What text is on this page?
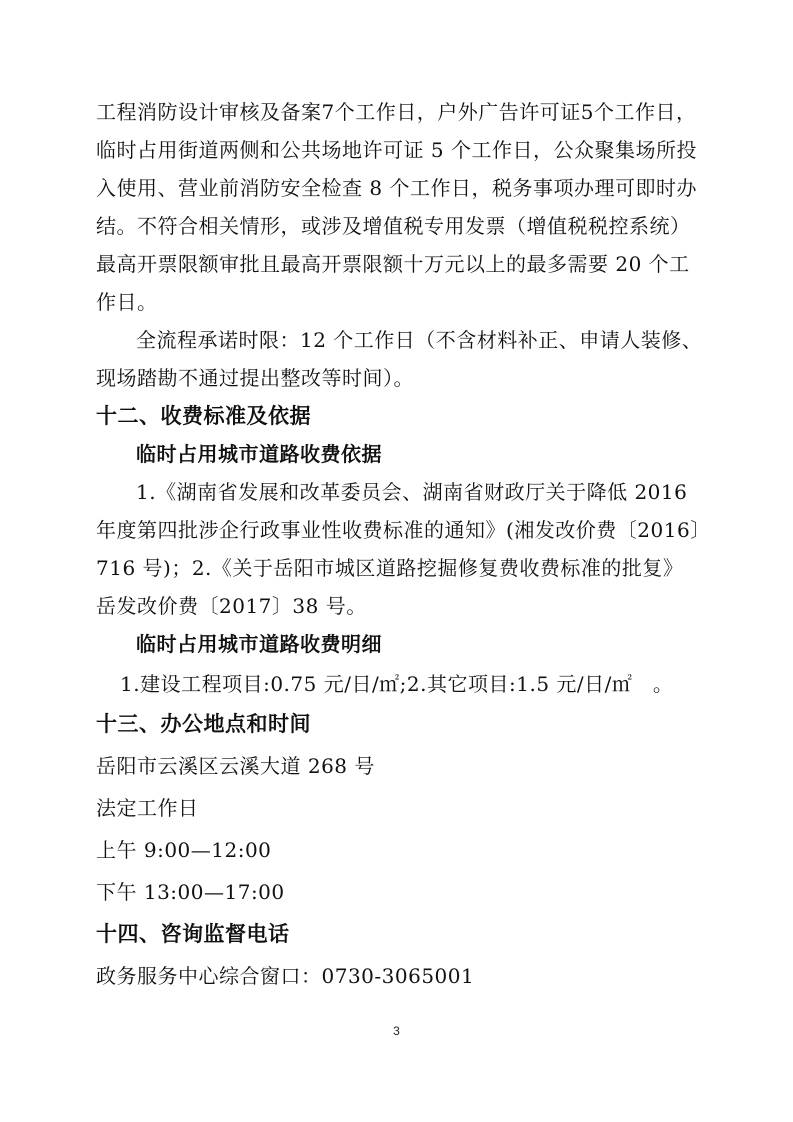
工程消防设计审核及备案7个工作日，户外广告许可证5个工作日，
临时占用街道两侧和公共场地许可证 5 个工作日，公众聚集场所投
入使用、营业前消防安全检查 8 个工作日，税务事项办理可即时办
结。不符合相关情形，或涉及增值税专用发票（增值税税控系统）
最高开票限额审批且最高开票限额十万元以上的最多需要 20 个工
作日。
全流程承诺时限：12 个工作日（不含材料补正、申请人装修、
现场踏勘不通过提出整改等时间）。
十二、收费标准及依据
临时占用城市道路收费依据
1.《湖南省发展和改革委员会、湖南省财政厅关于降低 2016
年度第四批涉企行政事业性收费标准的通知》(湘发改价费〔2016〕
716 号)；2.《关于岳阳市城区道路挖掘修复费收费标准的批复》
岳发改价费〔2017〕38 号。
临时占用城市道路收费明细
1.建设工程项目:0.75 元/日/㎡;2.其它项目:1.5 元/日/㎡　。
十三、办公地点和时间
岳阳市云溪区云溪大道 268 号
法定工作日
上午 9:00—12:00
下午 13:00—17:00
十四、咨询监督电话
政务服务中心综合窗口：0730-3065001
3
